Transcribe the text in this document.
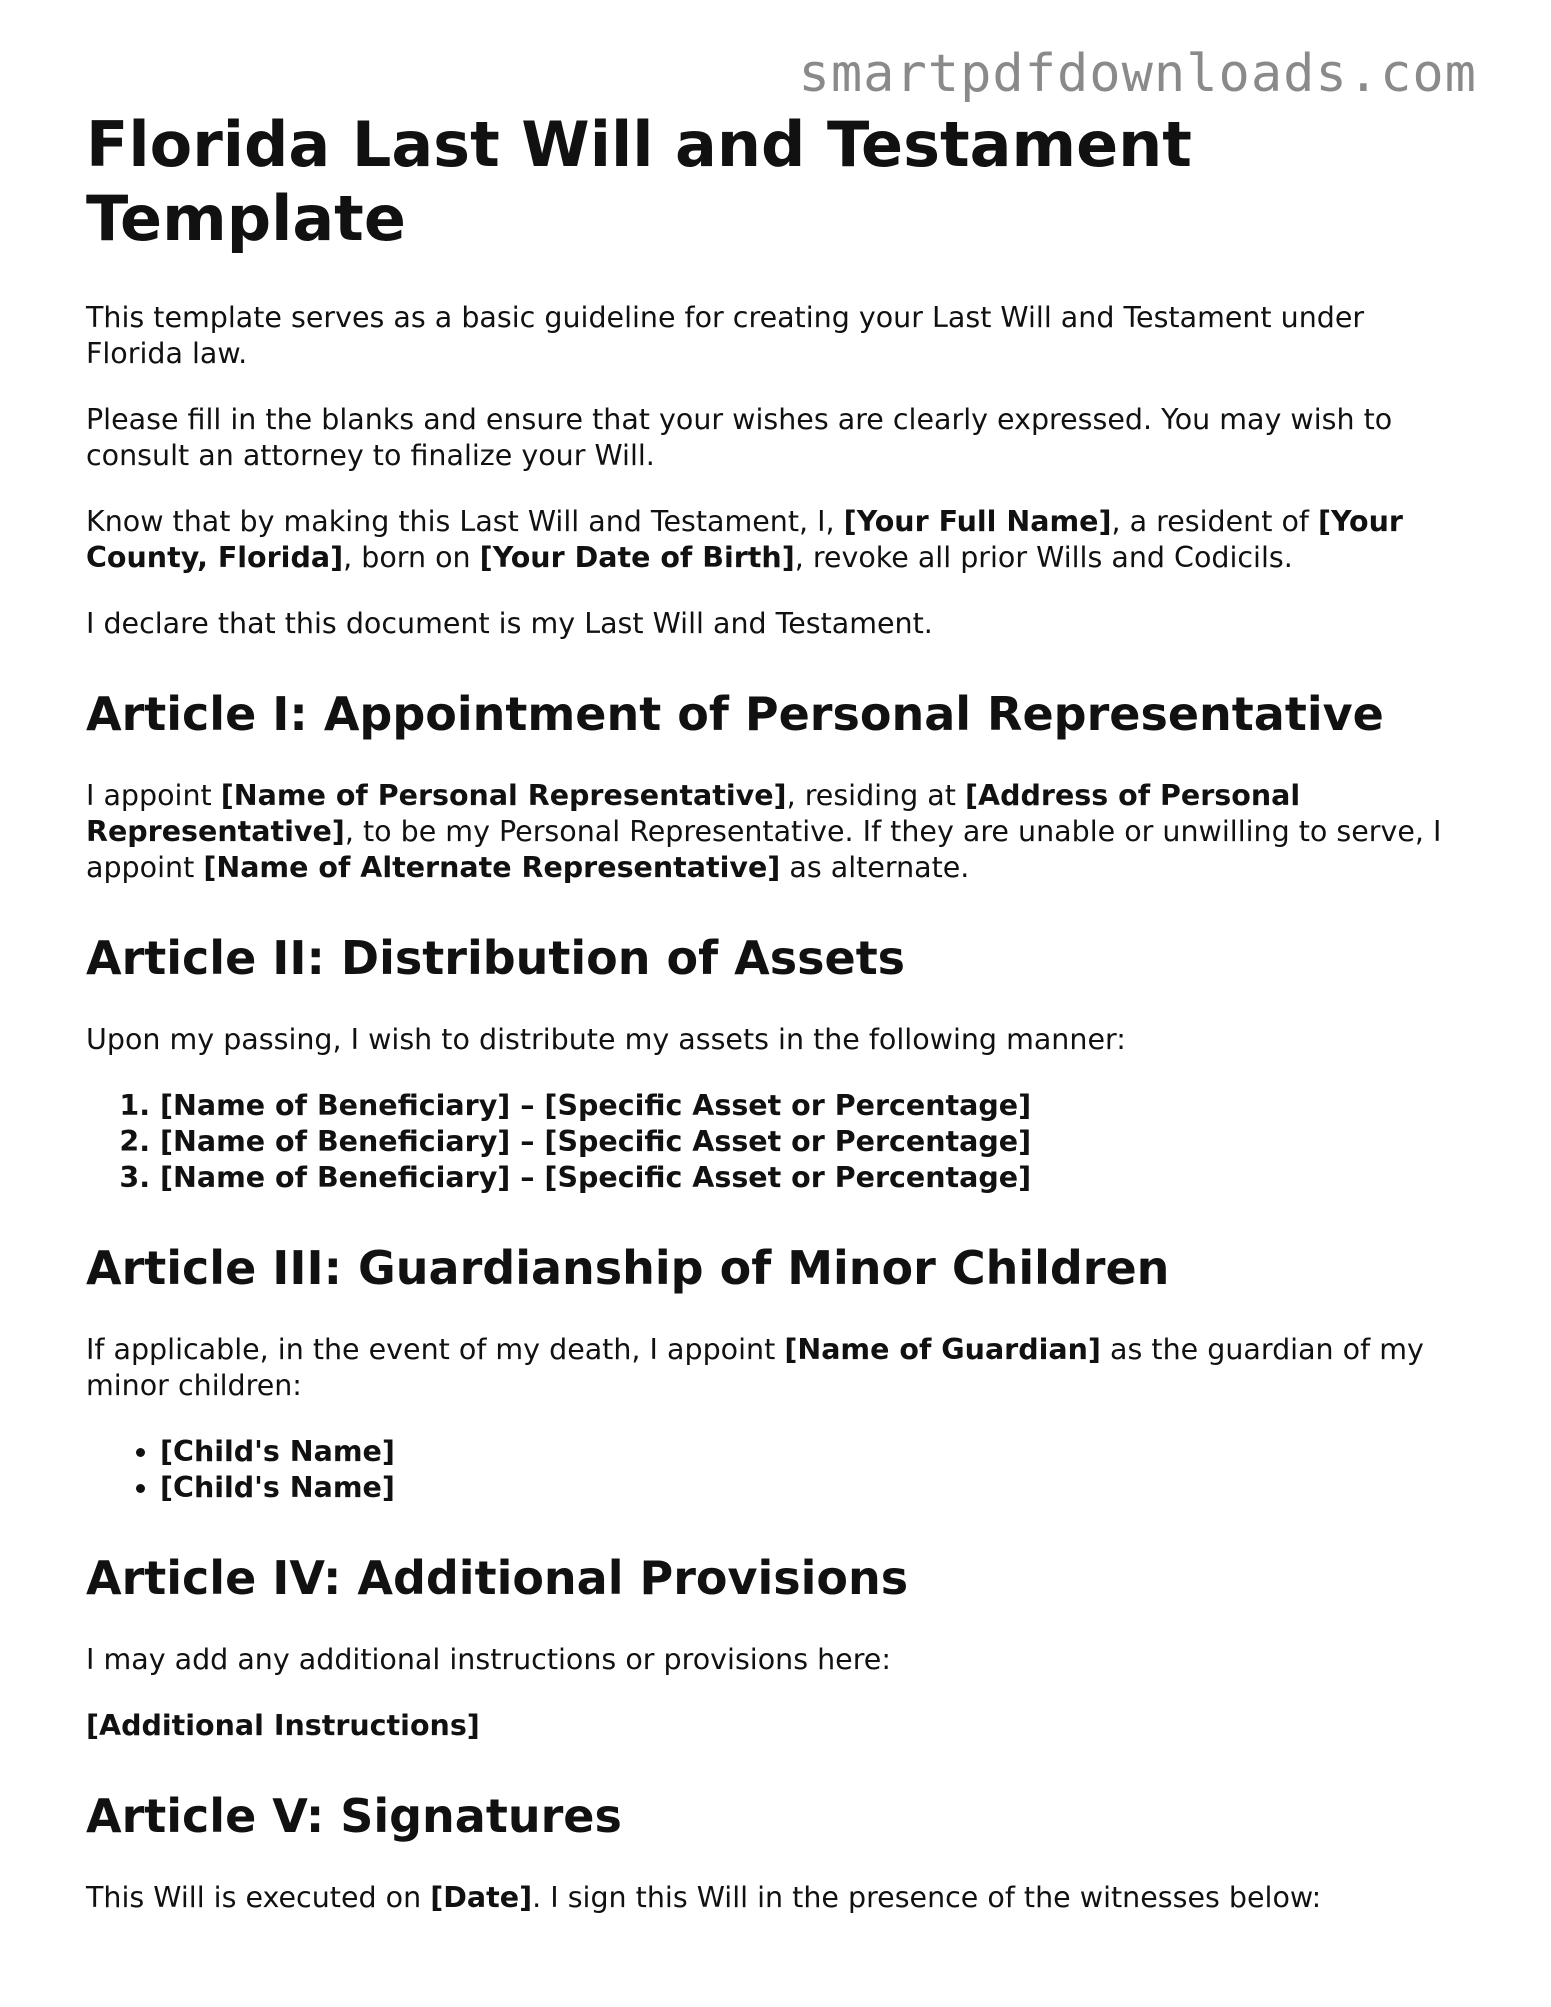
smartpdfdownloads.com
Florida Last Will and Testament Template

This template serves as a basic guideline for creating your Last Will and Testament under Florida law.

Please fill in the blanks and ensure that your wishes are clearly expressed. You may wish to consult an attorney to finalize your Will.

Know that by making this Last Will and Testament, I, [Your Full Name], a resident of [Your County, Florida], born on [Your Date of Birth], revoke all prior Wills and Codicils.

I declare that this document is my Last Will and Testament.

Article I: Appointment of Personal Representative

I appoint [Name of Personal Representative], residing at [Address of Personal Representative], to be my Personal Representative. If they are unable or unwilling to serve, I appoint [Name of Alternate Representative] as alternate.

Article II: Distribution of Assets

Upon my passing, I wish to distribute my assets in the following manner:

1. [Name of Beneficiary] – [Specific Asset or Percentage]
2. [Name of Beneficiary] – [Specific Asset or Percentage]
3. [Name of Beneficiary] – [Specific Asset or Percentage]
Article III: Guardianship of Minor Children

If applicable, in the event of my death, I appoint [Name of Guardian] as the guardian of my minor children:

• [Child's Name]
• [Child's Name]
Article IV: Additional Provisions

I may add any additional instructions or provisions here:

[Additional Instructions]

Article V: Signatures

This Will is executed on [Date]. I sign this Will in the presence of the witnesses below:
